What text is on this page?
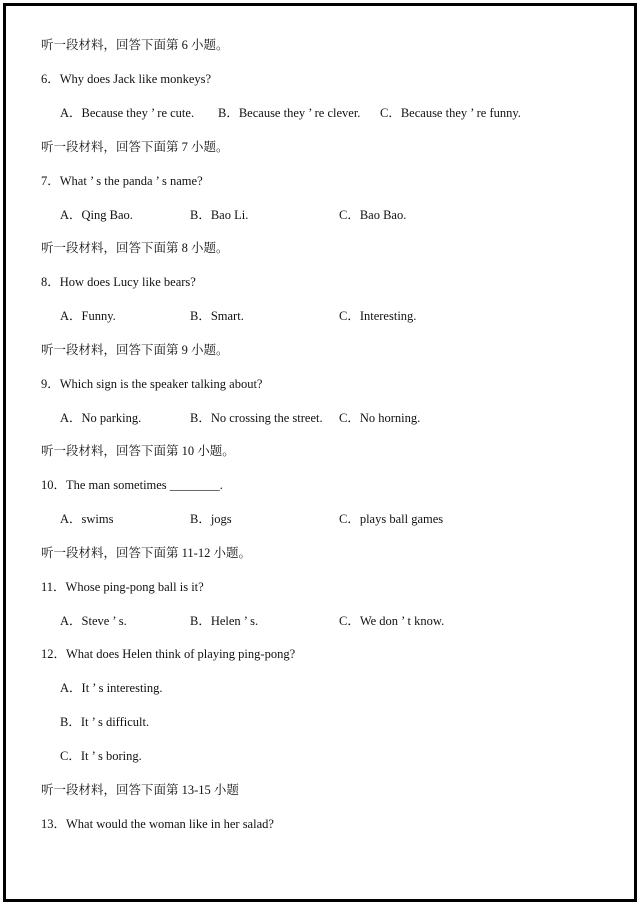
听一段材料，回答下面第 6 小题。
6．Why does Jack like monkeys?
A．Because they ’ re cute. B．Because they ’ re clever. C．Because they ’ re funny.
听一段材料，回答下面第 7 小题。
7．What ’ s the panda ’ s name?
A．Qing Bao.	B．Bao Li.	C．Bao Bao.
听一段材料，回答下面第 8 小题。
8．How does Lucy like bears?
A．Funny.	B．Smart.	C．Interesting.
听一段材料，回答下面第 9 小题。
9．Which sign is the speaker talking about?
A．No parking.	B．No crossing the street. C．No horning.
听一段材料，回答下面第 10 小题。
10．The man sometimes ________.
A．swims	B．jogs	C．plays ball games
听一段材料，回答下面第 11-12 小题。
11．Whose ping-pong ball is it?
A．Steve ’ s.	B．Helen ’ s.	C．We don ’ t know.
12．What does Helen think of playing ping-pong?
A．It ’ s interesting.
B．It ’ s difficult.
C．It ’ s boring.
听一段材料，回答下面第 13-15 小题
13．What would the woman like in her salad?
